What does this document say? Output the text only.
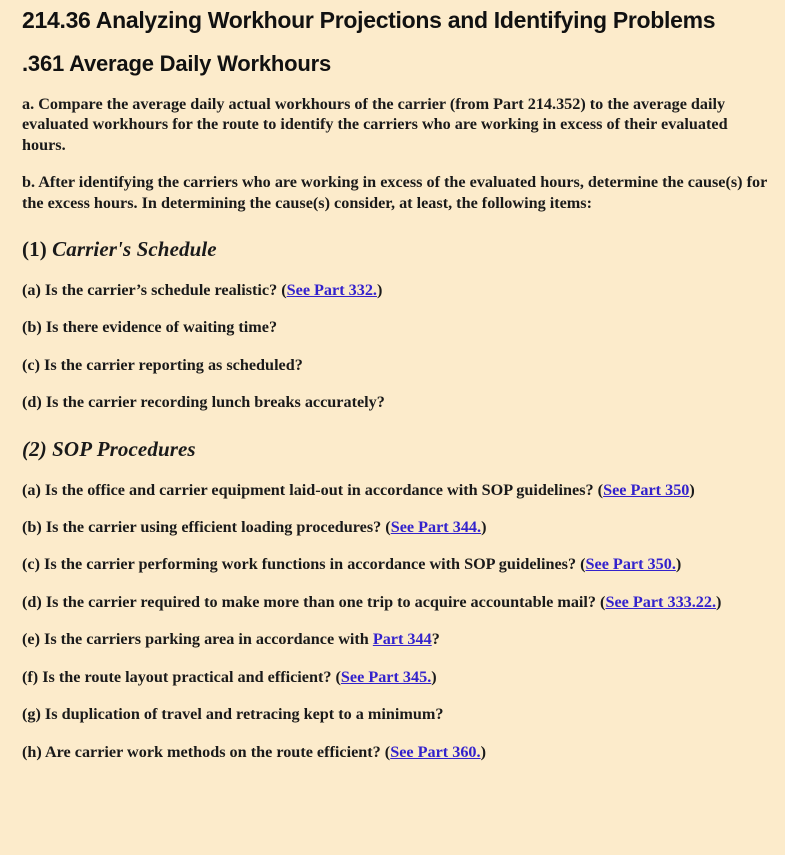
214.36 Analyzing Workhour Projections and Identifying Problems
.361 Average Daily Workhours

a. Compare the average daily actual workhours of the carrier (from Part 214.352) to the average daily evaluated workhours for the route to identify the carriers who are working in excess of their evaluated hours.

b. After identifying the carriers who are working in excess of the evaluated hours, determine the cause(s) for the excess hours. In determining the cause(s) consider, at least, the following items:

(1) Carrier's Schedule

(a) Is the carrier’s schedule realistic? (See Part 332.)

(b) Is there evidence of waiting time?

(c) Is the carrier reporting as scheduled?

(d) Is the carrier recording lunch breaks accurately?

(2) SOP Procedures

(a) Is the office and carrier equipment laid-out in accordance with SOP guidelines? (See Part 350)

(b) Is the carrier using efficient loading procedures? (See Part 344.)

(c) Is the carrier performing work functions in accordance with SOP guidelines? (See Part 350.)

(d) Is the carrier required to make more than one trip to acquire accountable mail? (See Part 333.22.)

(e) Is the carriers parking area in accordance with Part 344?

(f) Is the route layout practical and efficient? (See Part 345.)

(g) Is duplication of travel and retracing kept to a minimum?

(h) Are carrier work methods on the route efficient? (See Part 360.)
